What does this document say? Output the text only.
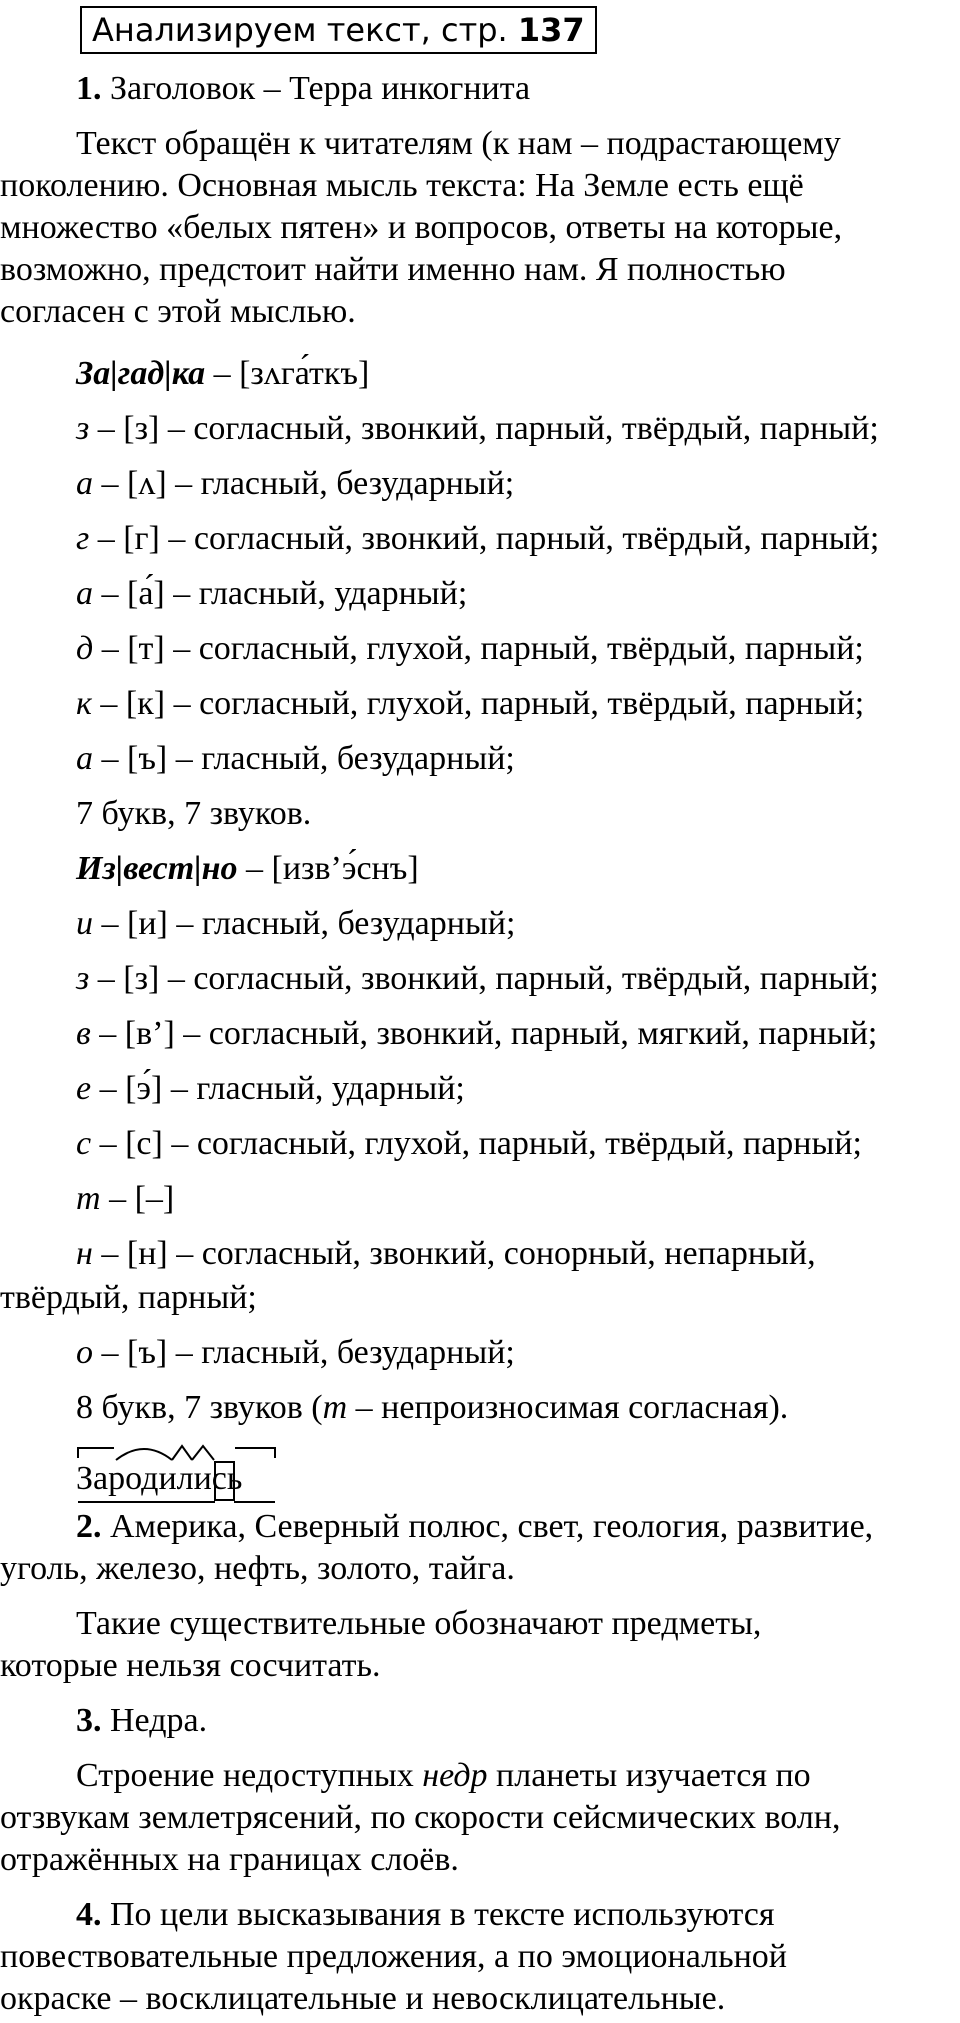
Анализируем текст, стр. 137
1. Заголовок – Терра инкогнита
Текст обращён к читателям (к нам – подрастающему
поколению. Основная мысль текста: На Земле есть ещё
множество «белых пятен» и вопросов, ответы на которые,
возможно, предстоит найти именно нам. Я полностью
согласен с этой мыслью.
За|гад|ка – [зʌга́ткъ]
з – [з] – согласный, звонкий, парный, твёрдый, парный;
а – [ʌ] – гласный, безударный;
г – [г] – согласный, звонкий, парный, твёрдый, парный;
а – [а́] – гласный, ударный;
д – [т] – согласный, глухой, парный, твёрдый, парный;
к – [к] – согласный, глухой, парный, твёрдый, парный;
а – [ъ] – гласный, безударный;
7 букв, 7 звуков.
Из|вест|но – [изв’э́снъ]
и – [и] – гласный, безударный;
з – [з] – согласный, звонкий, парный, твёрдый, парный;
в – [в’] – согласный, звонкий, парный, мягкий, парный;
е – [э́] – гласный, ударный;
с – [с] – согласный, глухой, парный, твёрдый, парный;
т – [–]
н – [н] – согласный, звонкий, сонорный, непарный,
твёрдый, парный;
о – [ъ] – гласный, безударный;
8 букв, 7 звуков (т – непроизносимая согласная).
Зародились
2. Америка, Северный полюс, свет, геология, развитие,
уголь, железо, нефть, золото, тайга.
Такие существительные обозначают предметы,
которые нельзя сосчитать.
3. Недра.
Строение недоступных недр планеты изучается по
отзвукам землетрясений, по скорости сейсмических волн,
отражённых на границах слоёв.
4. По цели высказывания в тексте используются
повествовательные предложения, а по эмоциональной
окраске – восклицательные и невосклицательные.
